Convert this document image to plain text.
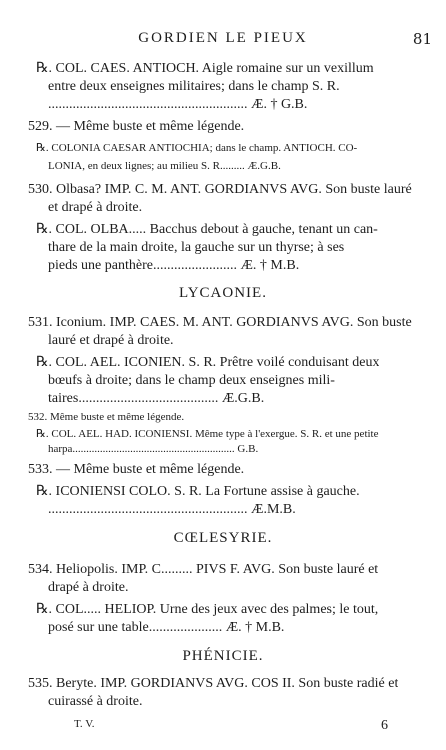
GORDIEN LE PIEUX	81
℞. COL. CAES. ANTIOCH. Aigle romaine sur un vexillum
entre deux enseignes militaires; dans le champ S. R.
......................................................... Æ. † G.B.
529. — Même buste et même légende.
℞. COLONIA CAESAR ANTIOCHIA; dans le champ. ANTIOCH. CO-
LONIA, en deux lignes; au milieu S. R......... Æ.G.B.
530. Olbasa? IMP. C. M. ANT. GORDIANVS AVG. Son buste lauré
et drapé à droite.
℞. COL. OLBA..... Bacchus debout à gauche, tenant un can-
thare de la main droite, la gauche sur un thyrse; à ses
pieds une panthère........................ Æ. † M.B.
LYCAONIE.
531. Iconium. IMP. CAES. M. ANT. GORDIANVS AVG. Son buste
lauré et drapé à droite.
℞. COL. AEL. ICONIEN. S. R. Prêtre voilé conduisant deux
bœufs à droite; dans le champ deux enseignes mili-
taires........................................ Æ.G.B.
532. Même buste et même légende.
℞. COL. AEL. HAD. ICONIENSI. Même type à l'exergue. S. R. et une petite
harpa........................................................... G.B.
533. — Même buste et même légende.
℞. ICONIENSI COLO. S. R. La Fortune assise à gauche.
......................................................... Æ.M.B.
CŒLESYRIE.
534. Heliopolis. IMP. C......... PIVS F. AVG. Son buste lauré et
drapé à droite.
℞. COL..... HELIOP. Urne des jeux avec des palmes; le tout,
posé sur une table..................... Æ. † M.B.
PHÉNICIE.
535. Beryte. IMP. GORDIANVS AVG. COS II. Son buste radié et
cuirassé à droite.
T. V.	6
